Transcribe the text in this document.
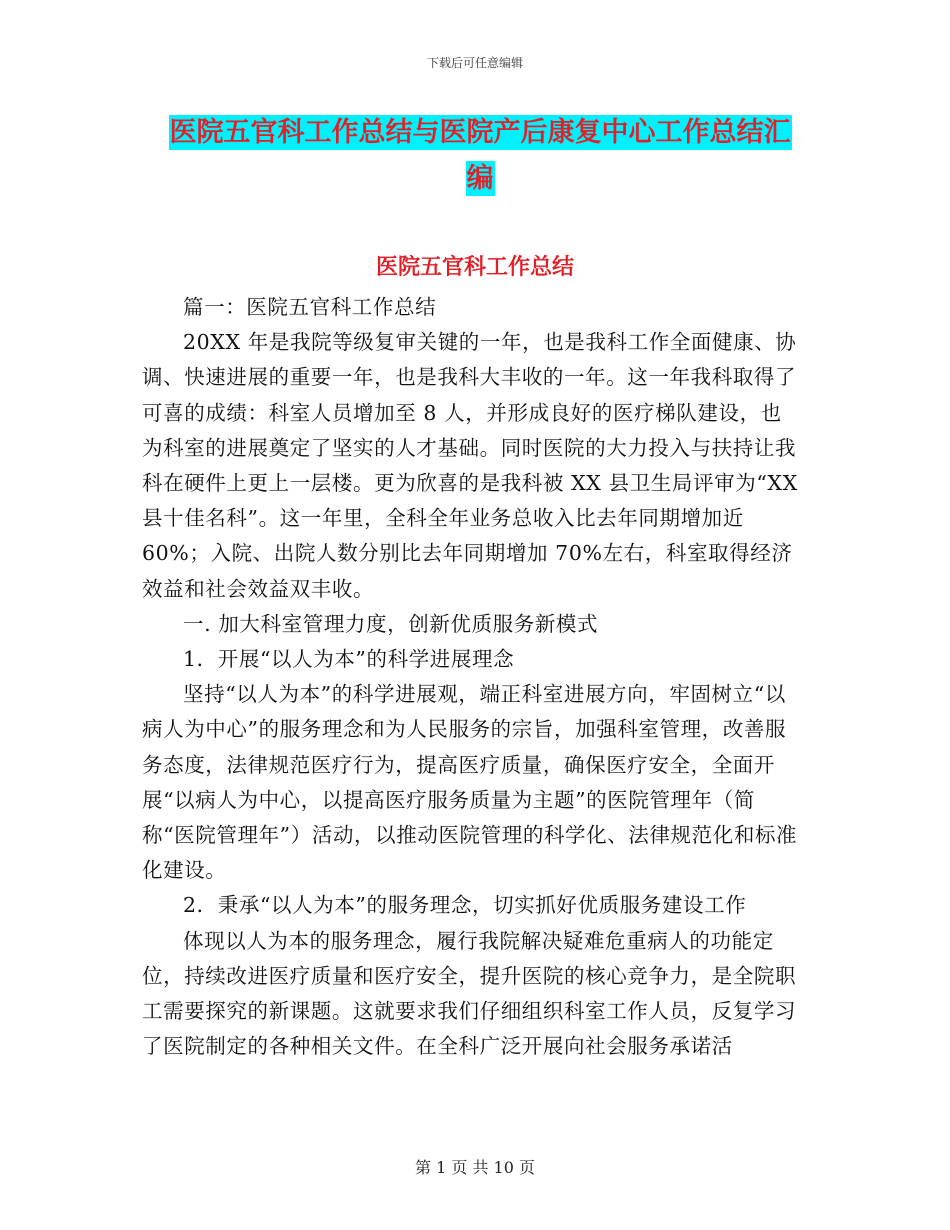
下载后可任意编辑
医院五官科工作总结与医院产后康复中心工作总结汇
编
医院五官科工作总结

篇一：医院五官科工作总结

20XX 年是我院等级复审关键的一年，也是我科工作全面健康、协调、快速进展的重要一年，也是我科大丰收的一年。这一年我科取得了可喜的成绩：科室人员增加至 8 人，并形成良好的医疗梯队建设，也为科室的进展奠定了坚实的人才基础。同时医院的大力投入与扶持让我科在硬件上更上一层楼。更为欣喜的是我科被 XX 县卫生局评审为“XX 县十佳名科”。这一年里，全科全年业务总收入比去年同期增加近 60%；入院、出院人数分别比去年同期增加 70%左右，科室取得经济效益和社会效益双丰收。

一. 加大科室管理力度，创新优质服务新模式

1．开展“以人为本”的科学进展理念

坚持“以人为本”的科学进展观，端正科室进展方向，牢固树立“以病人为中心”的服务理念和为人民服务的宗旨，加强科室管理，改善服务态度，法律规范医疗行为，提高医疗质量，确保医疗安全，全面开展“以病人为中心，以提高医疗服务质量为主题”的医院管理年（简称“医院管理年”）活动，以推动医院管理的科学化、法律规范化和标准化建设。

2．秉承“以人为本”的服务理念，切实抓好优质服务建设工作

体现以人为本的服务理念，履行我院解决疑难危重病人的功能定位，持续改进医疗质量和医疗安全，提升医院的核心竞争力，是全院职工需要探究的新课题。这就要求我们仔细组织科室工作人员，反复学习了医院制定的各种相关文件。在全科广泛开展向社会服务承诺活

第 1 页 共 10 页
